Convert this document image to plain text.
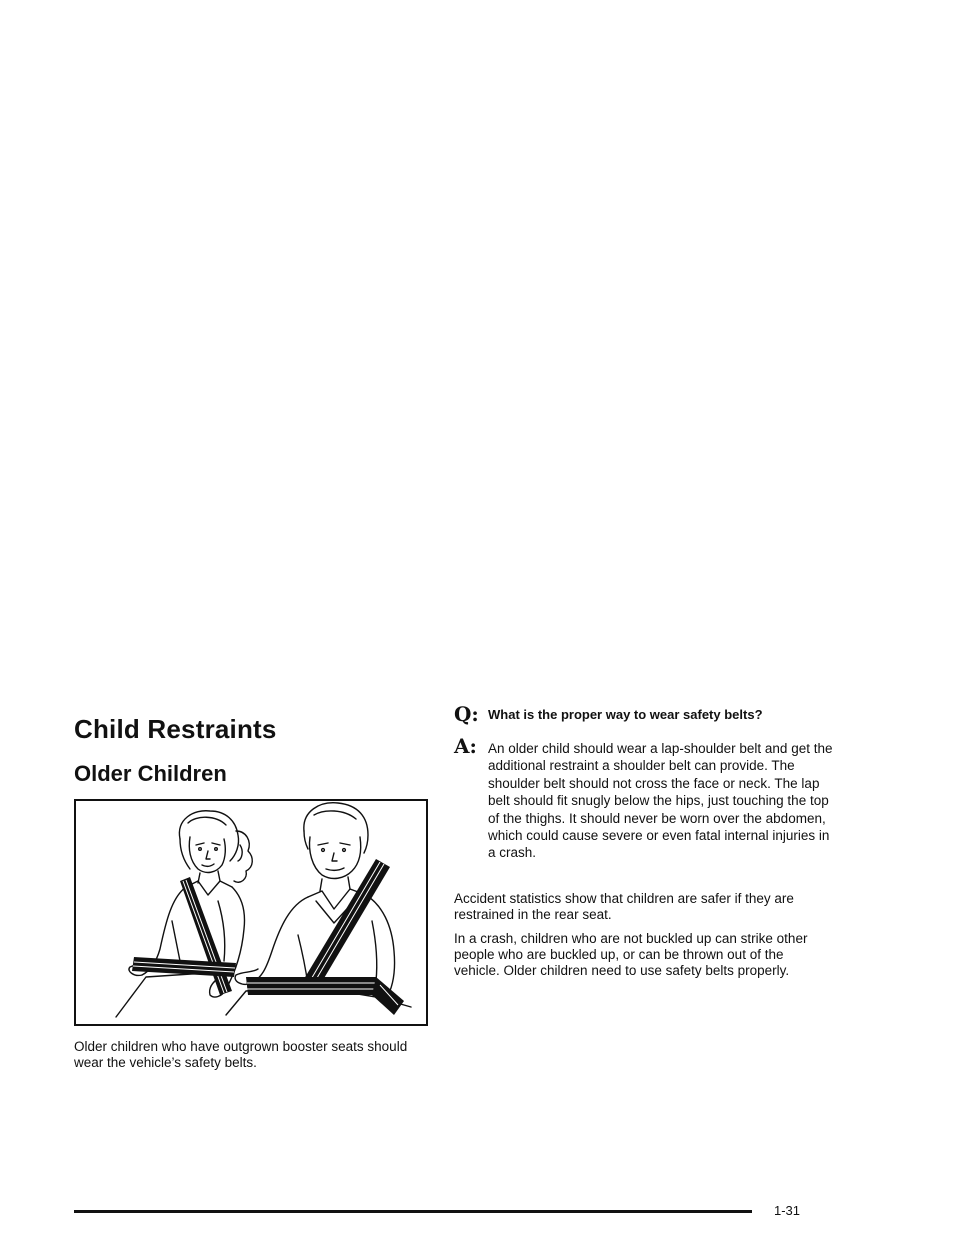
Child Restraints
Older Children

Older children who have outgrown booster seats should wear the vehicle’s safety belts.

Q: What is the proper way to wear safety belts?

A: An older child should wear a lap-shoulder belt and get the additional restraint a shoulder belt can provide. The shoulder belt should not cross the face or neck. The lap belt should fit snugly below the hips, just touching the top of the thighs. It should never be worn over the abdomen, which could cause severe or even fatal internal injuries in a crash.

Accident statistics show that children are safer if they are restrained in the rear seat.

In a crash, children who are not buckled up can strike other people who are buckled up, or can be thrown out of the vehicle. Older children need to use safety belts properly.

1-31
